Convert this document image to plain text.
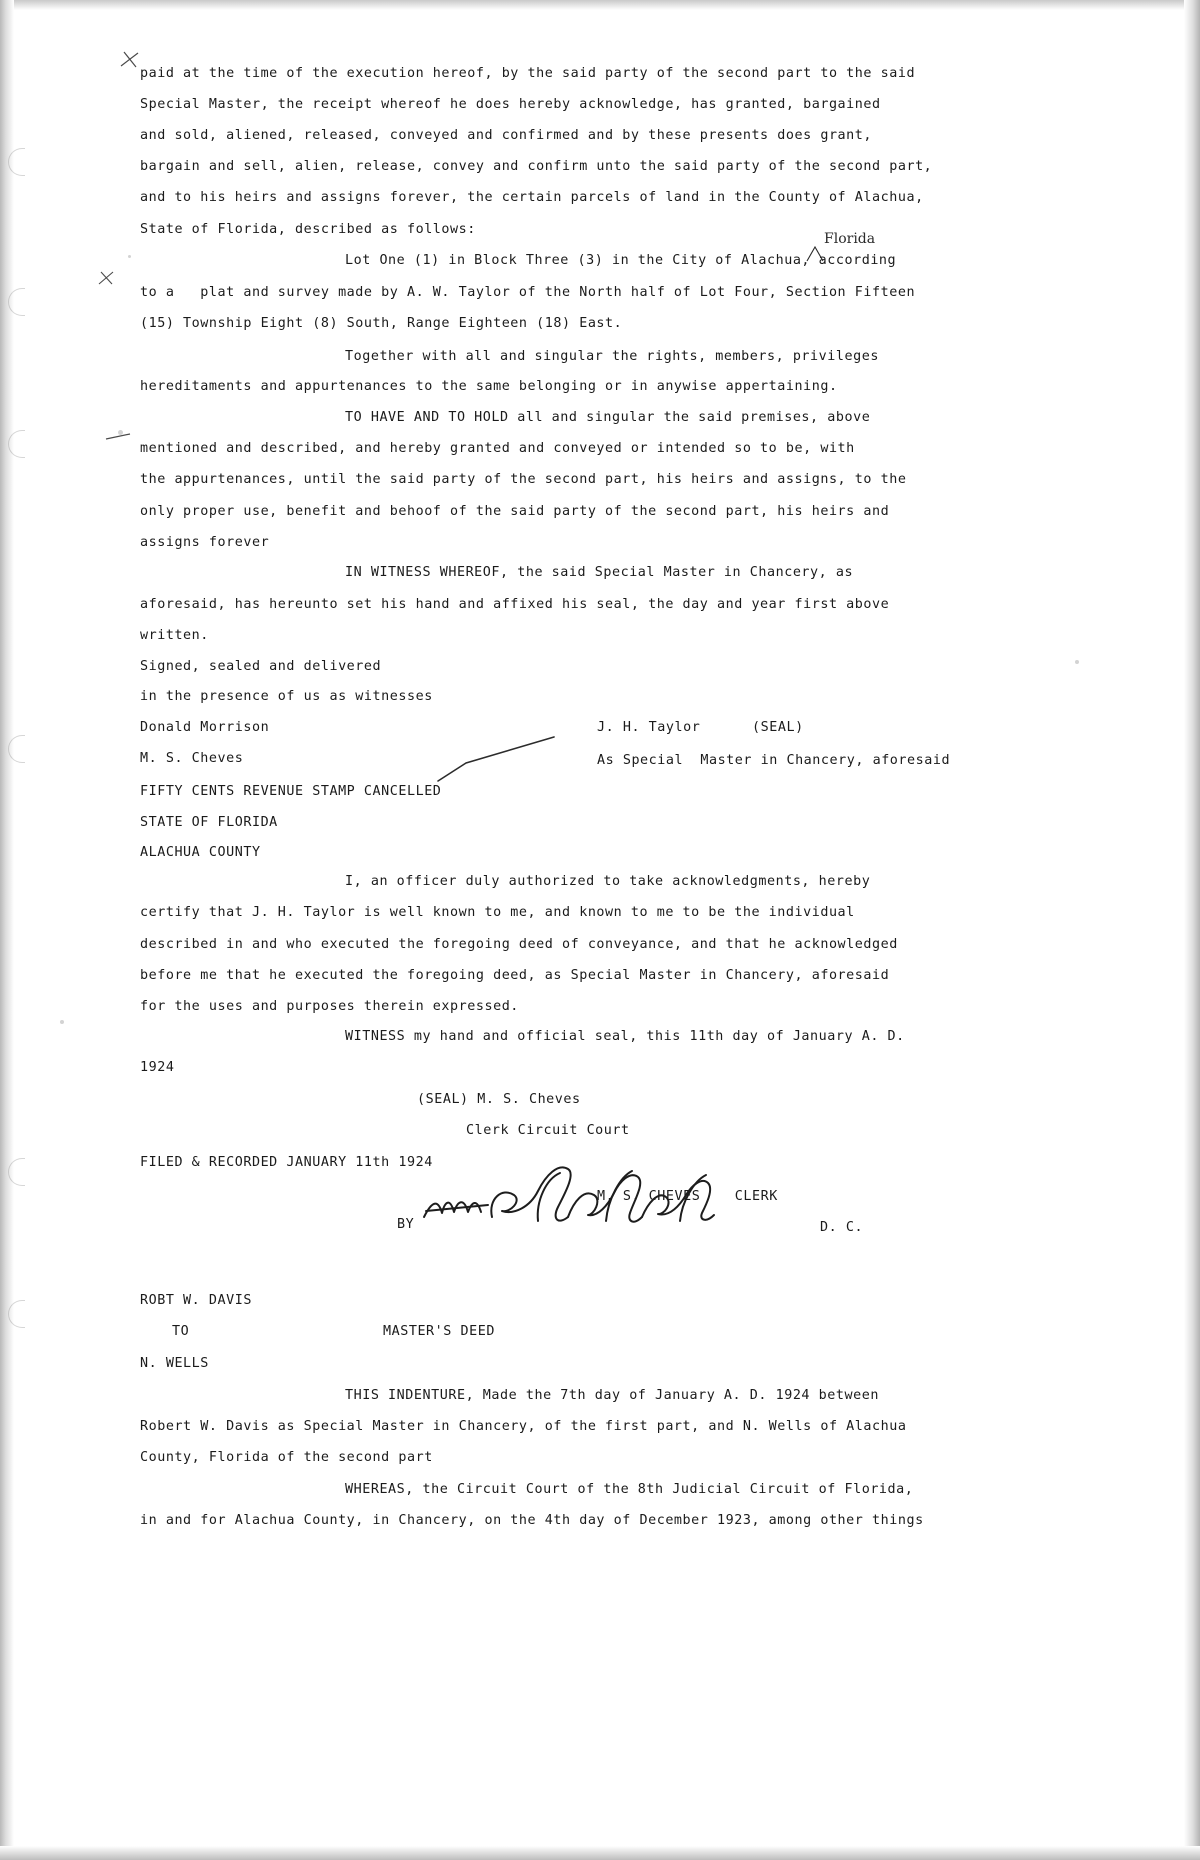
paid at the time of the execution hereof, by the said party of the second part to the said
Special Master, the receipt whereof he does hereby acknowledge, has granted, bargained
and sold, aliened, released, conveyed and confirmed and by these presents does grant,
bargain and sell, alien, release, convey and confirm unto the said party of the second part,
and to his heirs and assigns forever, the certain parcels of land in the County of Alachua,
State of Florida, described as follows:
Lot One (1) in Block Three (3) in the City of Alachua, according
to a   plat and survey made by A. W. Taylor of the North half of Lot Four, Section Fifteen
(15) Township Eight (8) South, Range Eighteen (18) East.
Together with all and singular the rights, members, privileges
hereditaments and appurtenances to the same belonging or in anywise appertaining.
TO HAVE AND TO HOLD all and singular the said premises, above
mentioned and described, and hereby granted and conveyed or intended so to be, with
the appurtenances, until the said party of the second part, his heirs and assigns, to the
only proper use, benefit and behoof of the said party of the second part, his heirs and
assigns forever
IN WITNESS WHEREOF, the said Special Master in Chancery, as
aforesaid, has hereunto set his hand and affixed his seal, the day and year first above
written.
Signed, sealed and delivered
in the presence of us as witnesses
Donald Morrison
M. S. Cheves
FIFTY CENTS REVENUE STAMP CANCELLED
STATE OF FLORIDA
ALACHUA COUNTY
I, an officer duly authorized to take acknowledgments, hereby
certify that J. H. Taylor is well known to me, and known to me to be the individual
described in and who executed the foregoing deed of conveyance, and that he acknowledged
before me that he executed the foregoing deed, as Special Master in Chancery, aforesaid
for the uses and purposes therein expressed.
WITNESS my hand and official seal, this 11th day of January A. D.
1924
(SEAL) M. S. Cheves
Clerk Circuit Court
FILED & RECORDED JANUARY 11th 1924
M. S. CHEVES    CLERK
BY	D. C.
ROBT W. DAVIS
TO	MASTER'S DEED
N. WELLS
THIS INDENTURE, Made the 7th day of January A. D. 1924 between
Robert W. Davis as Special Master in Chancery, of the first part, and N. Wells of Alachua
County, Florida of the second part
WHEREAS, the Circuit Court of the 8th Judicial Circuit of Florida,
in and for Alachua County, in Chancery, on the 4th day of December 1923, among other things
J. H. Taylor      (SEAL)
As Special  Master in Chancery, aforesaid
Florida
